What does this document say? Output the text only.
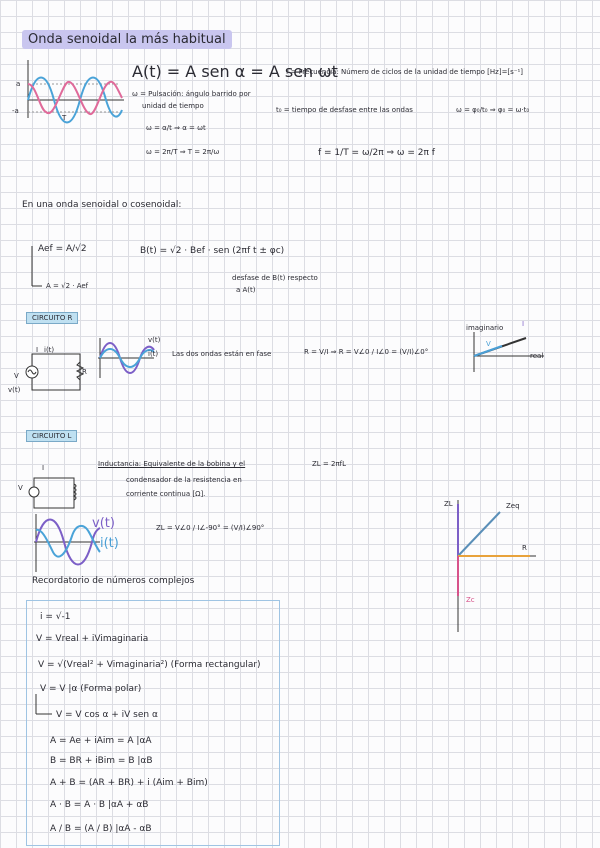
Onda senoidal la más habitual
a
-a
T
A(t) = A sen α = A sen ωt
f = Frecuencia: Número de ciclos de la unidad de tiempo [Hz]=[s⁻¹]
ω = Pulsación: ángulo barrido por
unidad de tiempo
ω = α/t ⇒ α = ωt
ω = 2π/T ⇒ T = 2π/ω
t₀ = tiempo de desfase entre las ondas	ω = φ₀/t₀ ⇒ φ₀ = ω·t₀
f = 1/T = ω/2π ⇒ ω = 2π f
En una onda senoidal o cosenoidal:
Aef = A/√2
A = √2 · Aef
B(t) = √2 · Bef · sen (2πf t ± φc)
desfase de B(t) respecto
a A(t)
CIRCUITO R
V
v(t)
I i(t)
R
v(t)
i(t) Las dos ondas están en fase	R = V/I ⇒ R = V∠0 / I∠0 = (V/I)∠0°
imaginario
real
I
V
CIRCUITO L
I
V
Inductancia: Equivalente de la bobina y el
condensador de la resistencia en
corriente continua [Ω].
ZL = 2πfL
ZL = V∠0 / I∠-90° = (V/I)∠90°
v(t)
i(t)
ZL	Zeq
R
Zc
Recordatorio de números complejos
i = √-1
V = Vreal + iVimaginaria
V = √(Vreal² + Vimaginaria²) (Forma rectangular)
V = V |α (Forma polar)
V = V cos α + iV sen α
A = Ae + iAim = A |αA
B = BR + iBim = B |αB
A + B = (AR + BR) + i (Aim + Bim)
A · B = A · B |αA + αB
A / B = (A / B) |αA - αB
